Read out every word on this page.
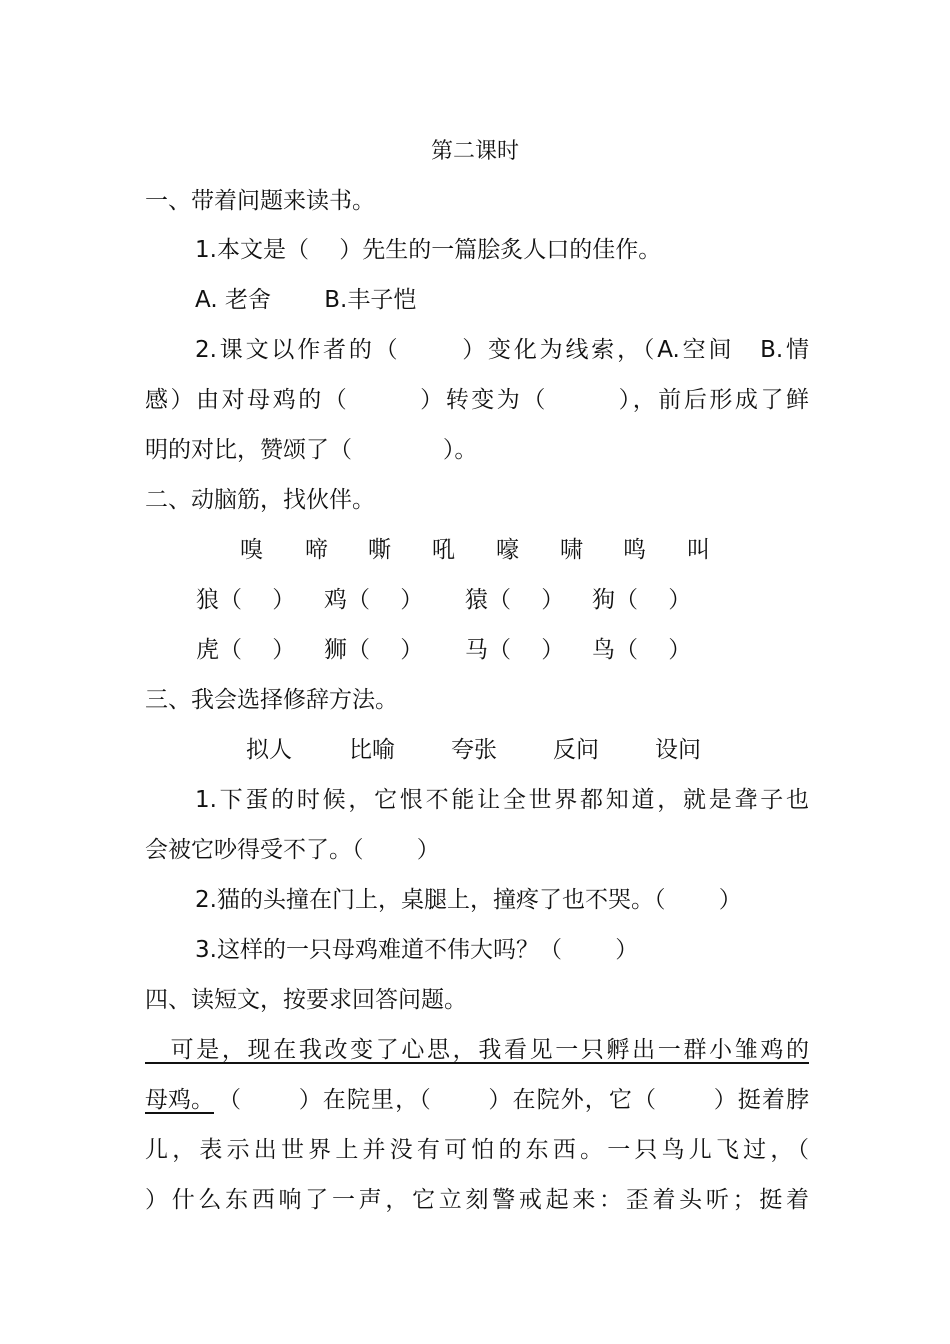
第二课时
一、带着问题来读书。
1.本文是（　 ）先生的一篇脍炙人口的佳作。
A. 老舍　　 B.丰子恺
2.课文以作者的（　 　）变化为线索，（A.空间　B.情
感）由对母鸡的（　 　 ）转变为（　 　 ），前后形成了鲜
明的对比，赞颂了（　 　 　 ）。
二、动脑筋，找伙伴。
嗅 啼 嘶 吼 嚎 啸 鸣 叫
狼（　 ） 鸡（　 ） 猿（　 ） 狗（　 ）
虎（　 ） 狮（　 ） 马（　 ） 鸟（　 ）
三、我会选择修辞方法。
拟人 比喻 夸张 反问 设问
1.下蛋的时候，它恨不能让全世界都知道，就是聋子也
会被它吵得受不了。（　 　）
2.猫的头撞在门上，桌腿上，撞疼了也不哭。（　 　）
3.这样的一只母鸡难道不伟大吗？（　 　）
四、读短文，按要求回答问题。
　可是，现在我改变了心思，我看见一只孵出一群小雏鸡的
母鸡。 （　 　）在院里，（　 　）在院外，它（　 　）挺着脖
儿，表示出世界上并没有可怕的东西。一只鸟儿飞过，（
）什么东西响了一声，它立刻警戒起来：歪着头听；挺着
